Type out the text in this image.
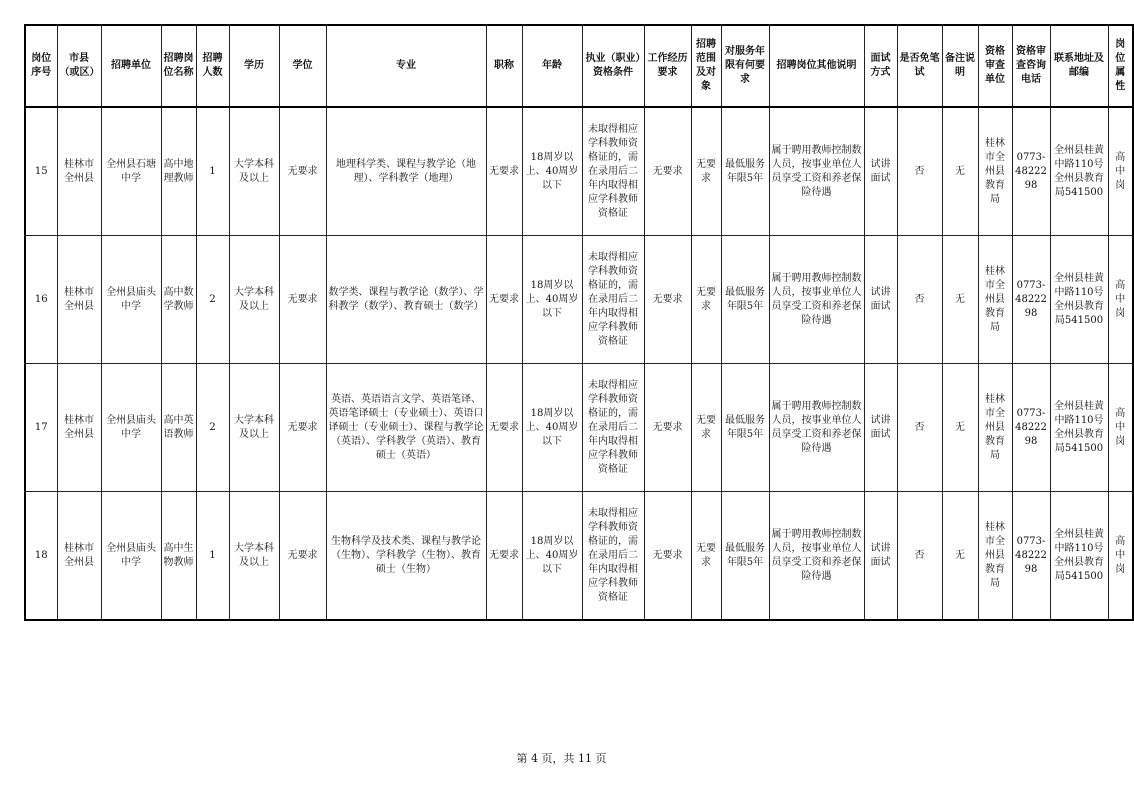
岗位序号	市县（或区）	招聘单位	招聘岗位名称	招聘人数	学历	学位	专业	职称	年龄	执业（职业）资格条件	工作经历要求	招聘范围及对象	对服务年限有何要求	招聘岗位其他说明	面试方式	是否免笔试	备注说明	资格审查单位	资格审查咨询电话	联系地址及邮编	岗位属性
15	桂林市全州县	全州县石塘中学	高中地理教师	1	大学本科及以上	无要求	地理科学类、课程与教学论（地理）、学科教学（地理）	无要求	18周岁以上、40周岁以下	未取得相应学科教师资格证的，需在录用后二年内取得相应学科教师资格证	无要求	无要求	最低服务年限5年	属于聘用教师控制数人员，按事业单位人员享受工资和养老保险待遇	试讲面试	否	无	桂林市全州县教育局	0773-4822298	全州县桂黄中路110号全州县教育局541500	高中岗
16	桂林市全州县	全州县庙头中学	高中数学教师	2	大学本科及以上	无要求	数学类、课程与教学论（数学）、学科教学（数学）、教育硕士（数学）	无要求	18周岁以上、40周岁以下	未取得相应学科教师资格证的，需在录用后二年内取得相应学科教师资格证	无要求	无要求	最低服务年限5年	属于聘用教师控制数人员，按事业单位人员享受工资和养老保险待遇	试讲面试	否	无	桂林市全州县教育局	0773-4822298	全州县桂黄中路110号全州县教育局541500	高中岗
17	桂林市全州县	全州县庙头中学	高中英语教师	2	大学本科及以上	无要求	英语、英语语言文学、英语笔译、英语笔译硕士（专业硕士）、英语口译硕士（专业硕士）、课程与教学论（英语）、学科教学（英语）、教育硕士（英语）	无要求	18周岁以上、40周岁以下	未取得相应学科教师资格证的，需在录用后二年内取得相应学科教师资格证	无要求	无要求	最低服务年限5年	属于聘用教师控制数人员，按事业单位人员享受工资和养老保险待遇	试讲面试	否	无	桂林市全州县教育局	0773-4822298	全州县桂黄中路110号全州县教育局541500	高中岗
18	桂林市全州县	全州县庙头中学	高中生物教师	1	大学本科及以上	无要求	生物科学及技术类、课程与教学论（生物）、学科教学（生物）、教育硕士（生物）	无要求	18周岁以上、40周岁以下	未取得相应学科教师资格证的，需在录用后二年内取得相应学科教师资格证	无要求	无要求	最低服务年限5年	属于聘用教师控制数人员，按事业单位人员享受工资和养老保险待遇	试讲面试	否	无	桂林市全州县教育局	0773-4822298	全州县桂黄中路110号全州县教育局541500	高中岗
第 4 页，共 11 页
